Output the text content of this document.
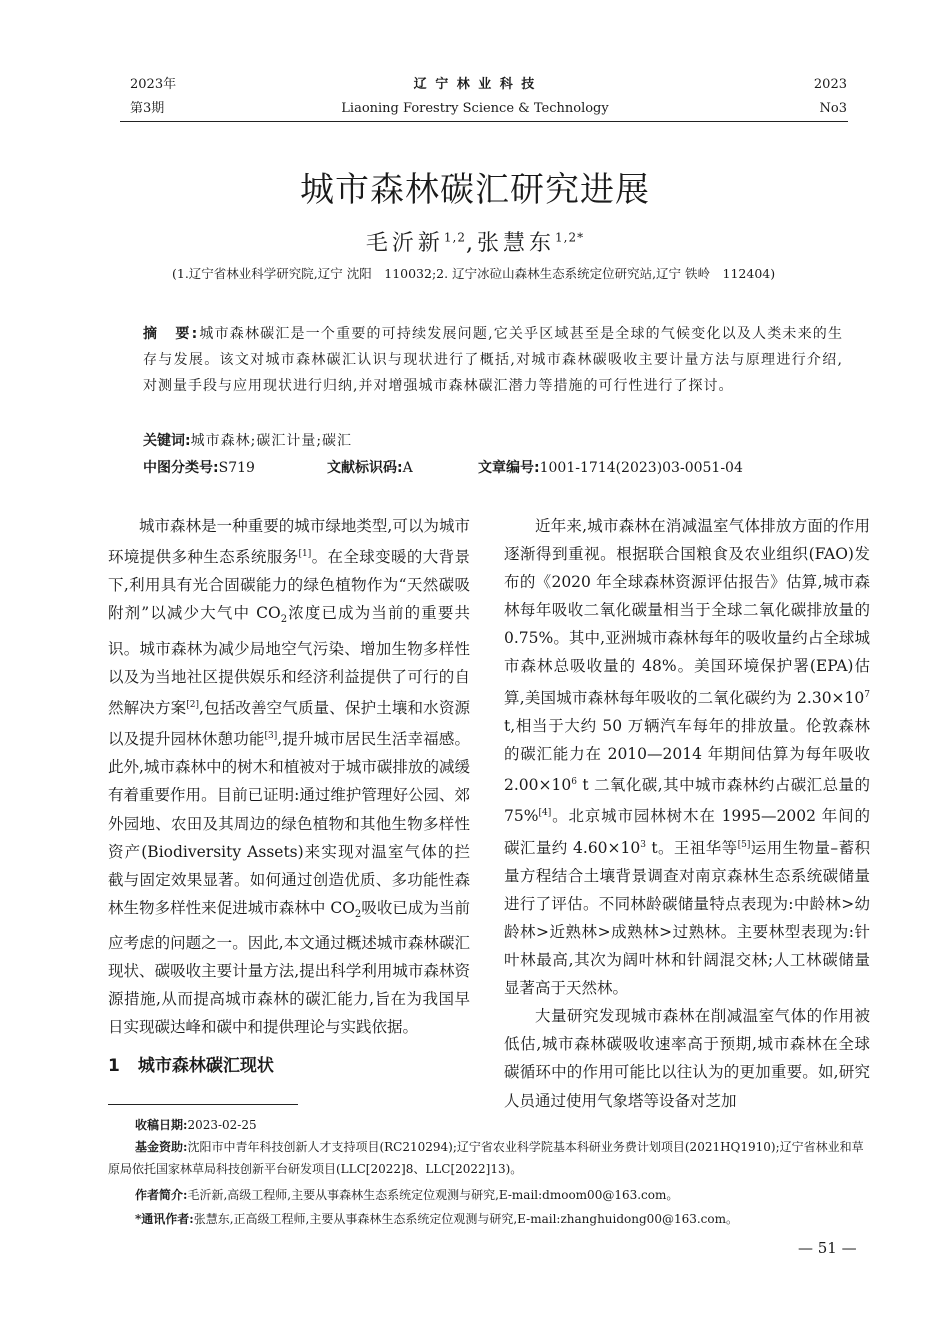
2023年
第3期
辽 宁 林 业 科 技
Liaoning Forestry Science & Technology
2023
No3
城市森林碳汇研究进展
毛沂新$^{1,2}$,张慧东$^{1,2*}$
(1.辽宁省林业科学研究院,辽宁 沈阳　110032;2. 辽宁冰砬山森林生态系统定位研究站,辽宁 铁岭　112404)
摘　要:城市森林碳汇是一个重要的可持续发展问题,它关乎区域甚至是全球的气候变化以及人类未来的生存与发展。该文对城市森林碳汇认识与现状进行了概括,对城市森林碳吸收主要计量方法与原理进行介绍,对测量手段与应用现状进行归纳,并对增强城市森林碳汇潜力等措施的可行性进行了探讨。
关键词:城市森林;碳汇计量;碳汇
中图分类号:S719	文献标识码:A	文章编号:1001-1714(2023)03-0051-04

城市森林是一种重要的城市绿地类型,可以为城市环境提供多种生态系统服务[1]。在全球变暖的大背景下,利用具有光合固碳能力的绿色植物作为“天然碳吸附剂”以减少大气中 $CO_2$浓度已成为当前的重要共识。城市森林为减少局地空气污染、增加生物多样性以及为当地社区提供娱乐和经济利益提供了可行的自然解决方案[2],包括改善空气质量、保护土壤和水资源以及提升园林休憩功能[3],提升城市居民生活幸福感。此外,城市森林中的树木和植被对于城市碳排放的减缓有着重要作用。目前已证明:通过维护管理好公园、郊外园地、农田及其周边的绿色植物和其他生物多样性资产(Biodiversity Assets)来实现对温室气体的拦截与固定效果显著。如何通过创造优质、多功能性森林生物多样性来促进城市森林中 $CO_2$吸收已成为当前应考虑的问题之一。因此,本文通过概述城市森林碳汇现状、碳吸收主要计量方法,提出科学利用城市森林资源措施,从而提高城市森林的碳汇能力,旨在为我国早日实现碳达峰和碳中和提供理论与实践依据。

1 城市森林碳汇现状

近年来,城市森林在消减温室气体排放方面的作用逐渐得到重视。根据联合国粮食及农业组织(FAO)发布的《2020 年全球森林资源评估报告》估算,城市森林每年吸收二氧化碳量相当于全球二氧化碳排放量的 0.75%。其中,亚洲城市森林每年的吸收量约占全球城市森林总吸收量的 48%。美国环境保护署(EPA)估算,美国城市森林每年吸收的二氧化碳约为 $2.30\times 10^7$ t,相当于大约 50 万辆汽车每年的排放量。伦敦森林的碳汇能力在 2010—2014 年期间估算为每年吸收 $2.00\times 10^6$ t 二氧化碳,其中城市森林约占碳汇总量的 75%[4]。北京城市园林树木在 1995—2002 年间的碳汇量约 $4.60\times 10^3$ t。王祖华等[5]运用生物量–蓄积量方程结合土壤背景调查对南京森林生态系统碳储量进行了评估。不同林龄碳储量特点表现为:中龄林>幼龄林>近熟林>成熟林>过熟林。主要林型表现为:针叶林最高,其次为阔叶林和针阔混交林;人工林碳储量显著高于天然林。

大量研究发现城市森林在削减温室气体的作用被低估,城市森林碳吸收速率高于预期,城市森林在全球碳循环中的作用可能比以往认为的更加重要。如,研究人员通过使用气象塔等设备对芝加

收稿日期:2023-02-25
基金资助:沈阳市中青年科技创新人才支持项目(RC210294);辽宁省农业科学院基本科研业务费计划项目(2021HQ1910);辽宁省林业和草原局依托国家林草局科技创新平台研发项目(LLC[2022]8、LLC[2022]13)。
作者简介:毛沂新,高级工程师,主要从事森林生态系统定位观测与研究,E-mail:dmoom00@163.com。
*通讯作者:张慧东,正高级工程师,主要从事森林生态系统定位观测与研究,E-mail:zhanghuidong00@163.com。
— 51 —
